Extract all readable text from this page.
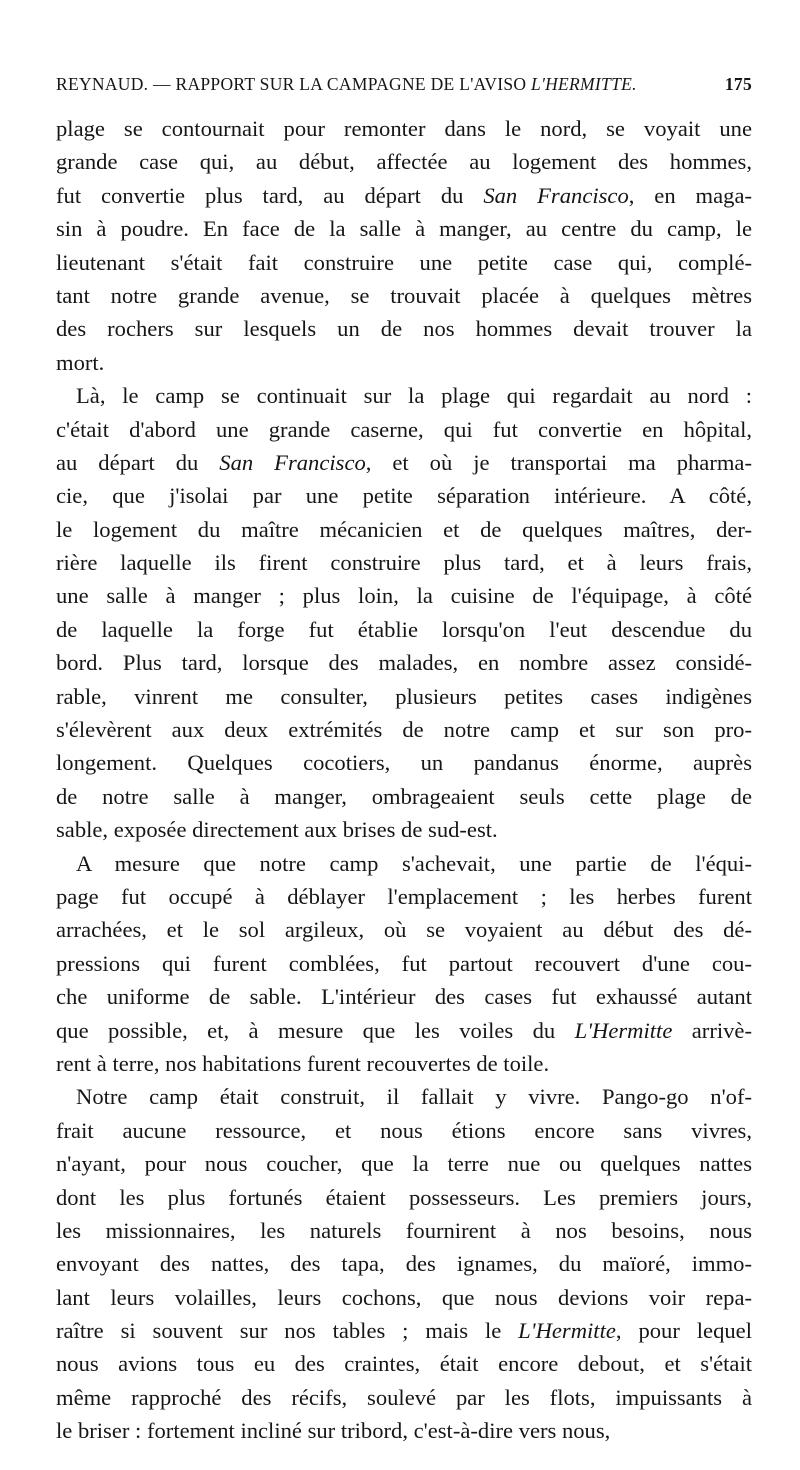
REYNAUD. — RAPPORT SUR LA CAMPAGNE DE L'AVISO L'HERMITTE.	175
plage se contournait pour remonter dans le nord, se voyait une
grande case qui, au début, affectée au logement des hommes,
fut convertie plus tard, au départ du San Francisco, en maga-
sin à poudre. En face de la salle à manger, au centre du camp, le
lieutenant s'était fait construire une petite case qui, complé-
tant notre grande avenue, se trouvait placée à quelques mètres
des rochers sur lesquels un de nos hommes devait trouver la
mort.
Là, le camp se continuait sur la plage qui regardait au nord :
c'était d'abord une grande caserne, qui fut convertie en hôpital,
au départ du San Francisco, et où je transportai ma pharma-
cie, que j'isolai par une petite séparation intérieure. A côté,
le logement du maître mécanicien et de quelques maîtres, der-
rière laquelle ils firent construire plus tard, et à leurs frais,
une salle à manger ; plus loin, la cuisine de l'équipage, à côté
de laquelle la forge fut établie lorsqu'on l'eut descendue du
bord. Plus tard, lorsque des malades, en nombre assez considé-
rable, vinrent me consulter, plusieurs petites cases indigènes
s'élevèrent aux deux extrémités de notre camp et sur son pro-
longement. Quelques cocotiers, un pandanus énorme, auprès
de notre salle à manger, ombrageaient seuls cette plage de
sable, exposée directement aux brises de sud-est.
A mesure que notre camp s'achevait, une partie de l'équi-
page fut occupé à déblayer l'emplacement ; les herbes furent
arrachées, et le sol argileux, où se voyaient au début des dé-
pressions qui furent comblées, fut partout recouvert d'une cou-
che uniforme de sable. L'intérieur des cases fut exhaussé autant
que possible, et, à mesure que les voiles du L'Hermitte arrivè-
rent à terre, nos habitations furent recouvertes de toile.
Notre camp était construit, il fallait y vivre. Pango-go n'of-
frait aucune ressource, et nous étions encore sans vivres,
n'ayant, pour nous coucher, que la terre nue ou quelques nattes
dont les plus fortunés étaient possesseurs. Les premiers jours,
les missionnaires, les naturels fournirent à nos besoins, nous
envoyant des nattes, des tapa, des ignames, du maïoré, immo-
lant leurs volailles, leurs cochons, que nous devions voir repa-
raître si souvent sur nos tables ; mais le L'Hermitte, pour lequel
nous avions tous eu des craintes, était encore debout, et s'était
même rapproché des récifs, soulevé par les flots, impuissants à
le briser : fortement incliné sur tribord, c'est-à-dire vers nous,
